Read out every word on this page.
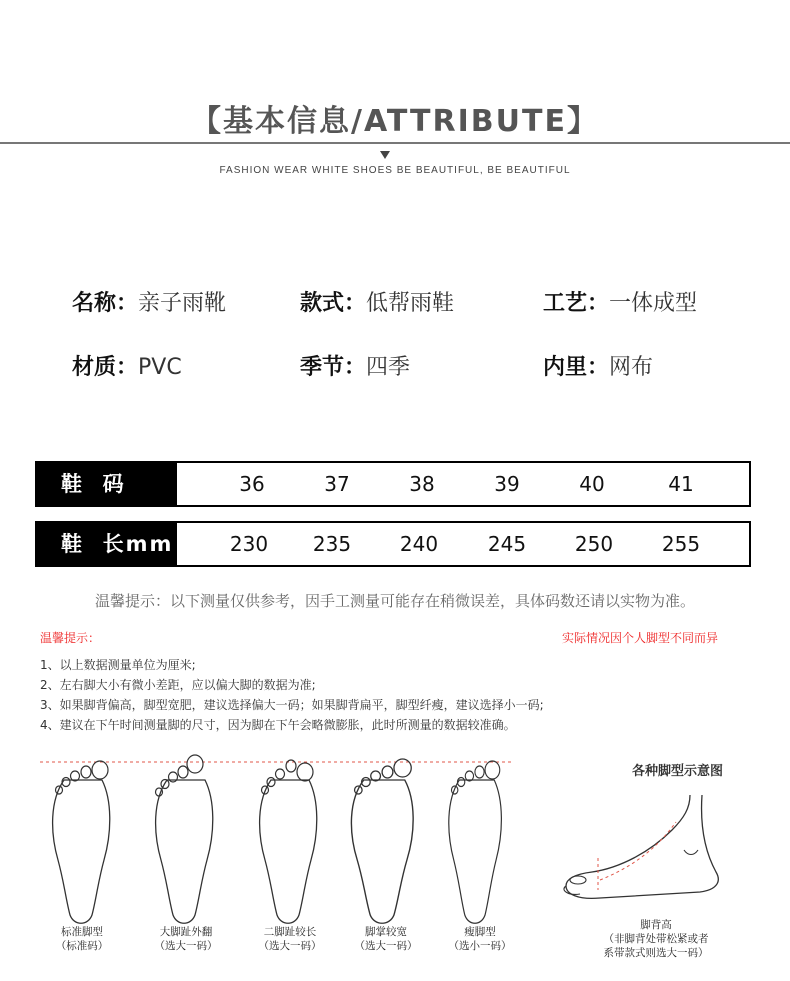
【基本信息/ATTRIBUTE】
FASHION WEAR WHITE SHOES BE BEAUTIFUL, BE BEAUTIFUL
名称：亲子雨靴	款式：低帮雨鞋	工艺：一体成型
材质：PVC	季节：四季	内里：网布
鞋  码	36	37	38	39	40	41
鞋  长mm	230 235 240 245 250 255
温馨提示：以下测量仅供参考，因手工测量可能存在稍微误差，具体码数还请以实物为准。
温馨提示：	实际情况因个人脚型不同而异
1、以上数据测量单位为厘米;
2、左右脚大小有微小差距，应以偏大脚的数据为准;
3、如果脚背偏高，脚型宽肥，建议选择偏大一码；如果脚背扁平，脚型纤瘦，建议选择小一码;
4、建议在下午时间测量脚的尺寸，因为脚在下午会略微膨胀，此时所测量的数据较准确。
各种脚型示意图
标准脚型
（标准码）
大脚趾外翻
（选大一码）
二脚趾较长
（选大一码）
脚掌较宽
（选大一码）
瘦脚型
（选小一码）
脚背高
（非脚背处带松紧或者
系带款式则选大一码）
